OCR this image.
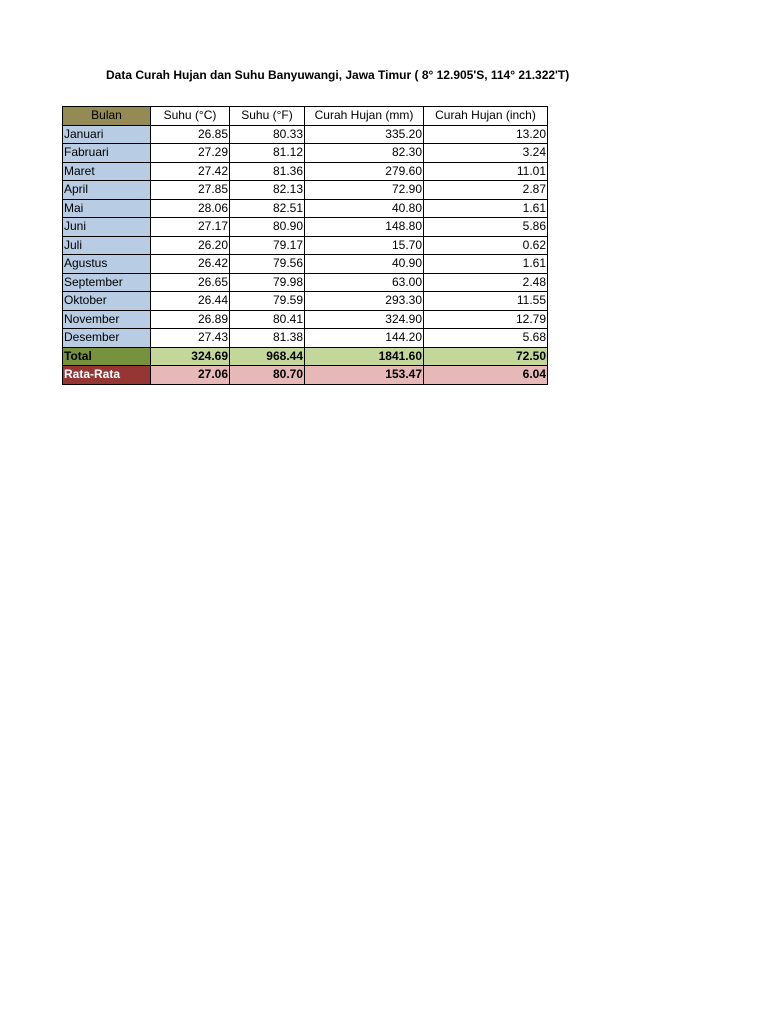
Data Curah Hujan dan Suhu Banyuwangi, Jawa Timur ( 8° 12.905'S, 114° 21.322'T)
Bulan	Suhu (°C)	Suhu (°F)	Curah Hujan (mm)	Curah Hujan (inch)
Januari	26.85	80.33	335.20	13.20
Fabruari	27.29	81.12	82.30	3.24
Maret	27.42	81.36	279.60	11.01
April	27.85	82.13	72.90	2.87
Mai	28.06	82.51	40.80	1.61
Juni	27.17	80.90	148.80	5.86
Juli	26.20	79.17	15.70	0.62
Agustus	26.42	79.56	40.90	1.61
September	26.65	79.98	63.00	2.48
Oktober	26.44	79.59	293.30	11.55
November	26.89	80.41	324.90	12.79
Desember	27.43	81.38	144.20	5.68
Total	324.69	968.44	1841.60	72.50
Rata-Rata	27.06	80.70	153.47	6.04
